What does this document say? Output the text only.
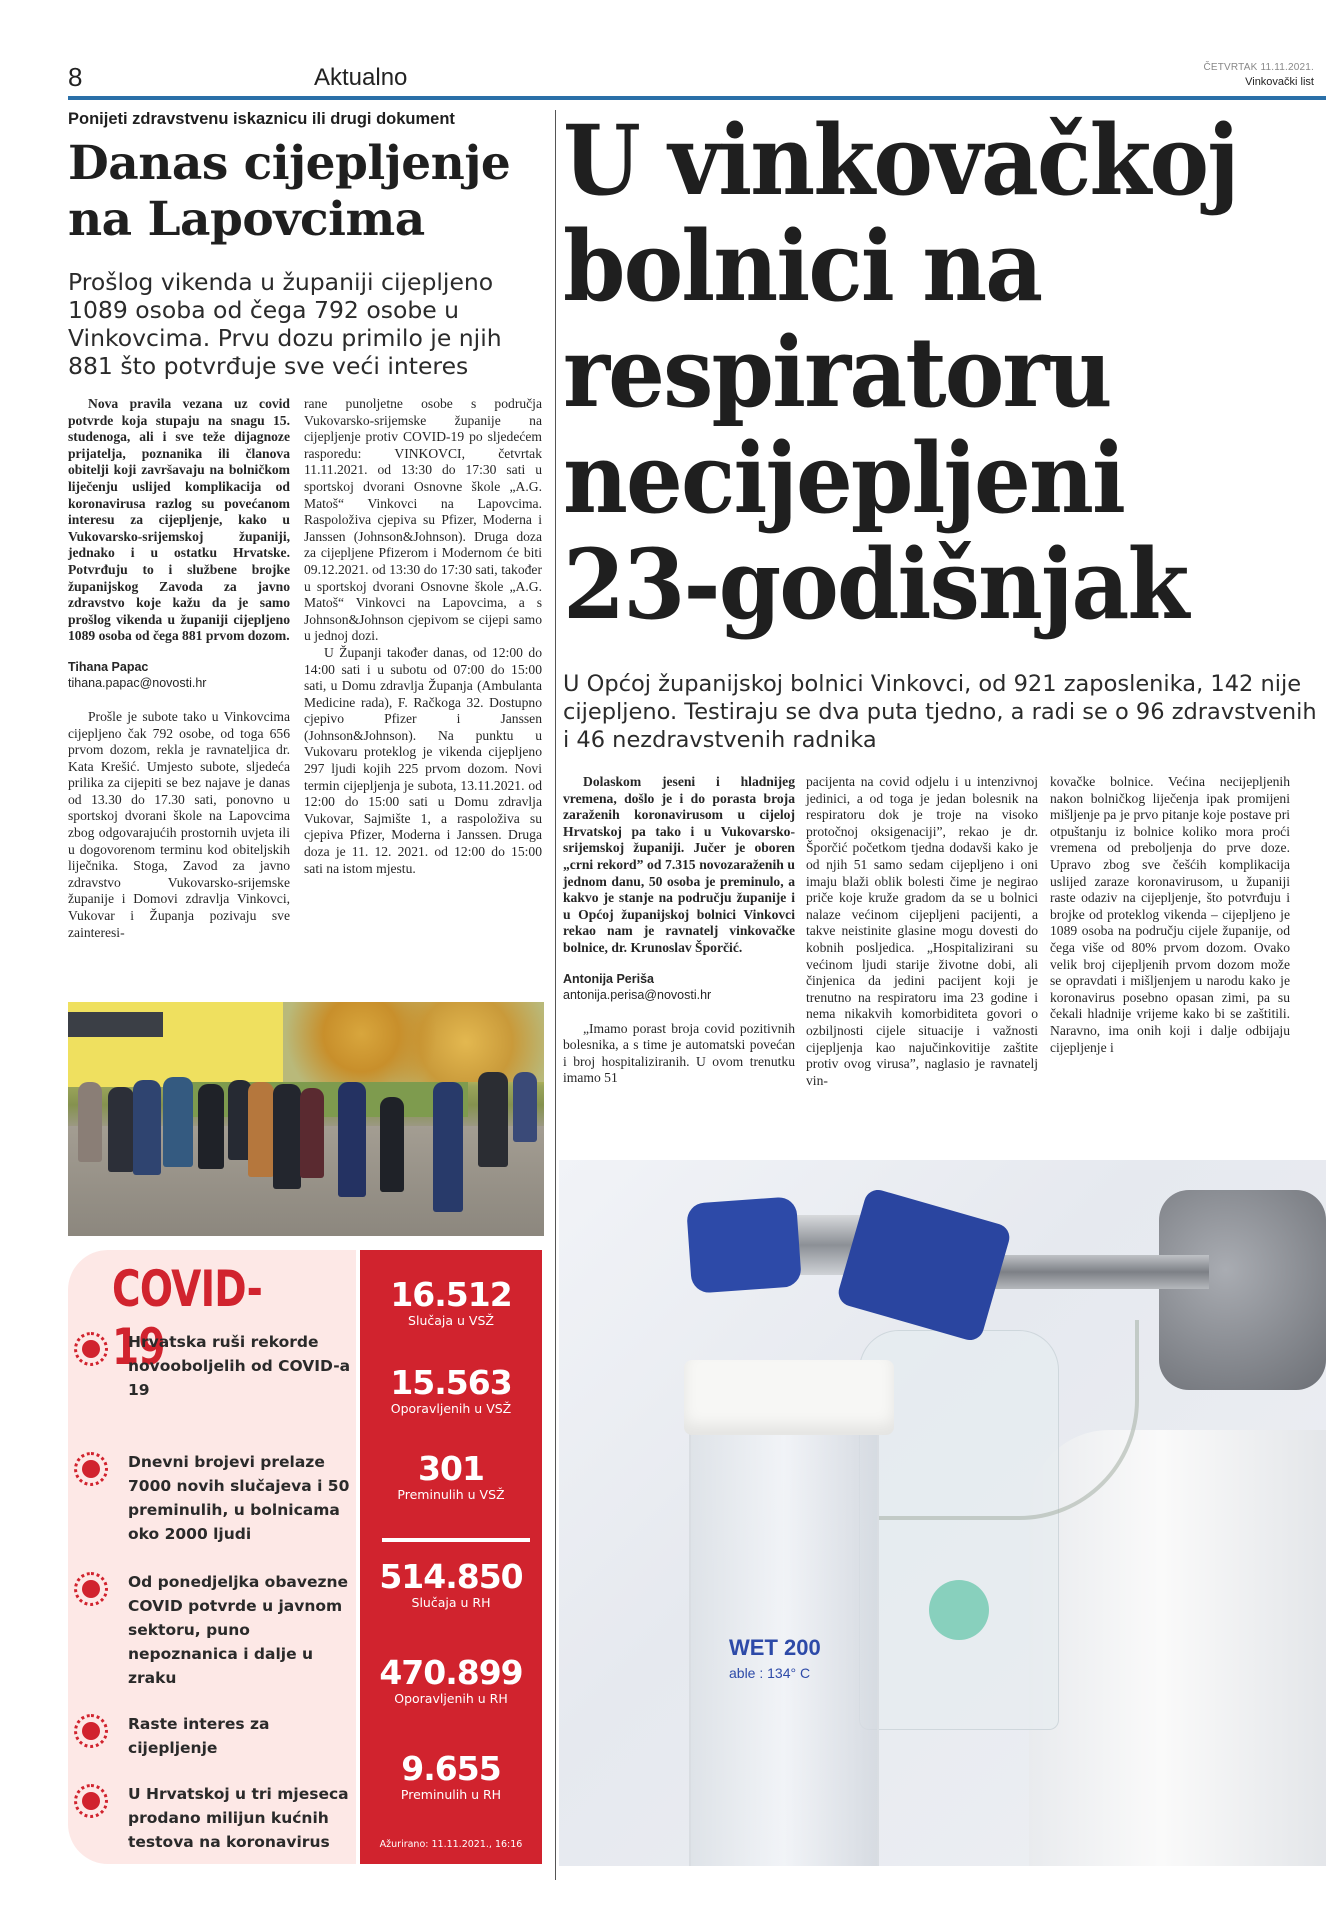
8	Aktualno	ČETVRTAK 11.11.2021.
Vinkovački list
Ponijeti zdravstvenu iskaznicu ili drugi dokument
Danas cijepljenje na Lapovcima
Prošlog vikenda u županiji cijepljeno 1089 osoba od čega 792 osobe u Vinkovcima. Prvu dozu primilo je njih 881 što potvrđuje sve veći interes

Nova pravila vezana uz covid potvrde koja stupaju na snagu 15. studenoga, ali i sve teže dijagnoze prijatelja, poznanika ili članova obitelji koji završavaju na bolničkom liječenju uslijed komplikacija od koronavirusa razlog su povećanom interesu za cijepljenje, kako u Vukovarsko-srijemskoj županiji, jednako i u ostatku Hrvatske. Potvrđuju to i službene brojke županijskog Zavoda za javno zdravstvo koje kažu da je samo prošlog vikenda u županiji cijepljeno 1089 osoba od čega 881 prvom dozom.

Tihana Papac
tihana.papac@novosti.hr

Prošle je subote tako u Vinkovcima cijepljeno čak 792 osobe, od toga 656 prvom dozom, rekla je ravnateljica dr. Kata Krešić. Umjesto subote, sljedeća prilika za cijepiti se bez najave je danas od 13.30 do 17.30 sati, ponovno u sportskoj dvorani škole na Lapovcima zbog odgovarajućih prostornih uvjeta ili u dogovorenom terminu kod obiteljskih liječnika. Stoga, Zavod za javno zdravstvo Vukovarsko-srijemske županije i Domovi zdravlja Vinkovci, Vukovar i Županja pozivaju sve zainteresi-

rane punoljetne osobe s područja Vukovarsko-srijemske županije na cijepljenje protiv COVID-19 po sljedećem rasporedu: VINKOVCI, četvrtak 11.11.2021. od 13:30 do 17:30 sati u sportskoj dvorani Osnovne škole „A.G. Matoš“ Vinkovci na Lapovcima. Raspoloživa cjepiva su Pfizer, Moderna i Janssen (Johnson&Johnson). Druga doza za cijepljene Pfizerom i Modernom će biti 09.12.2021. od 13:30 do 17:30 sati, također u sportskoj dvorani Osnovne škole „A.G. Matoš“ Vinkovci na Lapovcima, a s Johnson&Johnson cjepivom se cijepi samo u jednoj dozi.

U Županji također danas, od 12:00 do 14:00 sati i u subotu od 07:00 do 15:00 sati, u Domu zdravlja Županja (Ambulanta Medicine rada), F. Račkoga 32. Dostupno cjepivo Pfizer i Janssen (Johnson&Johnson). Na punktu u Vukovaru proteklog je vikenda cijepljeno 297 ljudi kojih 225 prvom dozom. Novi termin cijepljenja je subota, 13.11.2021. od 12:00 do 15:00 sati u Domu zdravlja Vukovar, Sajmište 1, a raspoloživa su cjepiva Pfizer, Moderna i Janssen. Druga doza je 11. 12. 2021. od 12:00 do 15:00 sati na istom mjestu.

COVID-19
Hrvatska ruši rekorde novooboljelih od COVID-a 19
Dnevni brojevi prelaze 7000 novih slučajeva i 50 preminulih, u bolnicama oko 2000 ljudi
Od ponedjeljka obavezne COVID potvrde u javnom sektoru, puno nepoznanica i dalje u zraku
Raste interes za cijepljenje
U Hrvatskoj u tri mjeseca prodano milijun kućnih testova na koronavirus
16.512
Slučaja u VSŽ
15.563
Oporavljenih u VSŽ
301
Preminulih u VSŽ
514.850
Slučaja u RH
470.899
Oporavljenih u RH
9.655
Preminulih u RH
Ažurirano: 11.11.2021., 16:16
U vinkovačkoj bolnici na respiratoru necijepljeni 23-godišnjak
U Općoj županijskoj bolnici Vinkovci, od 921 zaposlenika, 142 nije cijepljeno. Testiraju se dva puta tjedno, a radi se o 96 zdravstvenih i 46 nezdravstvenih radnika

Dolaskom jeseni i hladnijeg vremena, došlo je i do porasta broja zaraženih koronavirusom u cijeloj Hrvatskoj pa tako i u Vukovarsko-srijemskoj županiji. Jučer je oboren „crni rekord” od 7.315 novozaraženih u jednom danu, 50 osoba je preminulo, a kakvo je stanje na području županije i u Općoj županijskoj bolnici Vinkovci rekao nam je ravnatelj vinkovačke bolnice, dr. Krunoslav Šporčić.

Antonija Periša
antonija.perisa@novosti.hr

„Imamo porast broja covid pozitivnih bolesnika, a s time je automatski povećan i broj hospitaliziranih. U ovom trenutku imamo 51

pacijenta na covid odjelu i u intenzivnoj jedinici, a od toga je jedan bolesnik na respiratoru dok je troje na visoko protočnoj oksigenaciji”, rekao je dr. Šporčić početkom tjedna dodavši kako je od njih 51 samo sedam cijepljeno i oni imaju blaži oblik bolesti čime je negirao priče koje kruže gradom da se u bolnici nalaze većinom cijepljeni pacijenti, a takve neistinite glasine mogu dovesti do kobnih posljedica. „Hospitalizirani su većinom ljudi starije životne dobi, ali činjenica da jedini pacijent koji je trenutno na respiratoru ima 23 godine i nema nikakvih komorbiditeta govori o ozbiljnosti cijele situacije i važnosti cijepljenja kao najučinkovitije zaštite protiv ovog virusa”, naglasio je ravnatelj vin-

kovačke bolnice. Većina necijepljenih nakon bolničkog liječenja ipak promijeni mišljenje pa je prvo pitanje koje postave pri otpuštanju iz bolnice koliko mora proći vremena od preboljenja do prve doze. Upravo zbog sve češćih komplikacija uslijed zaraze koronavirusom, u županiji raste odaziv na cijepljenje, što potvrđuju i brojke od proteklog vikenda – cijepljeno je 1089 osoba na području cijele županije, od čega više od 80% prvom dozom. Ovako velik broj cijepljenih prvom dozom može se opravdati i mišljenjem u narodu kako je koronavirus posebno opasan zimi, pa su čekali hladnije vrijeme kako bi se zaštitili. Naravno, ima onih koji i dalje odbijaju cijepljenje i

WET 200
able : 134° C
